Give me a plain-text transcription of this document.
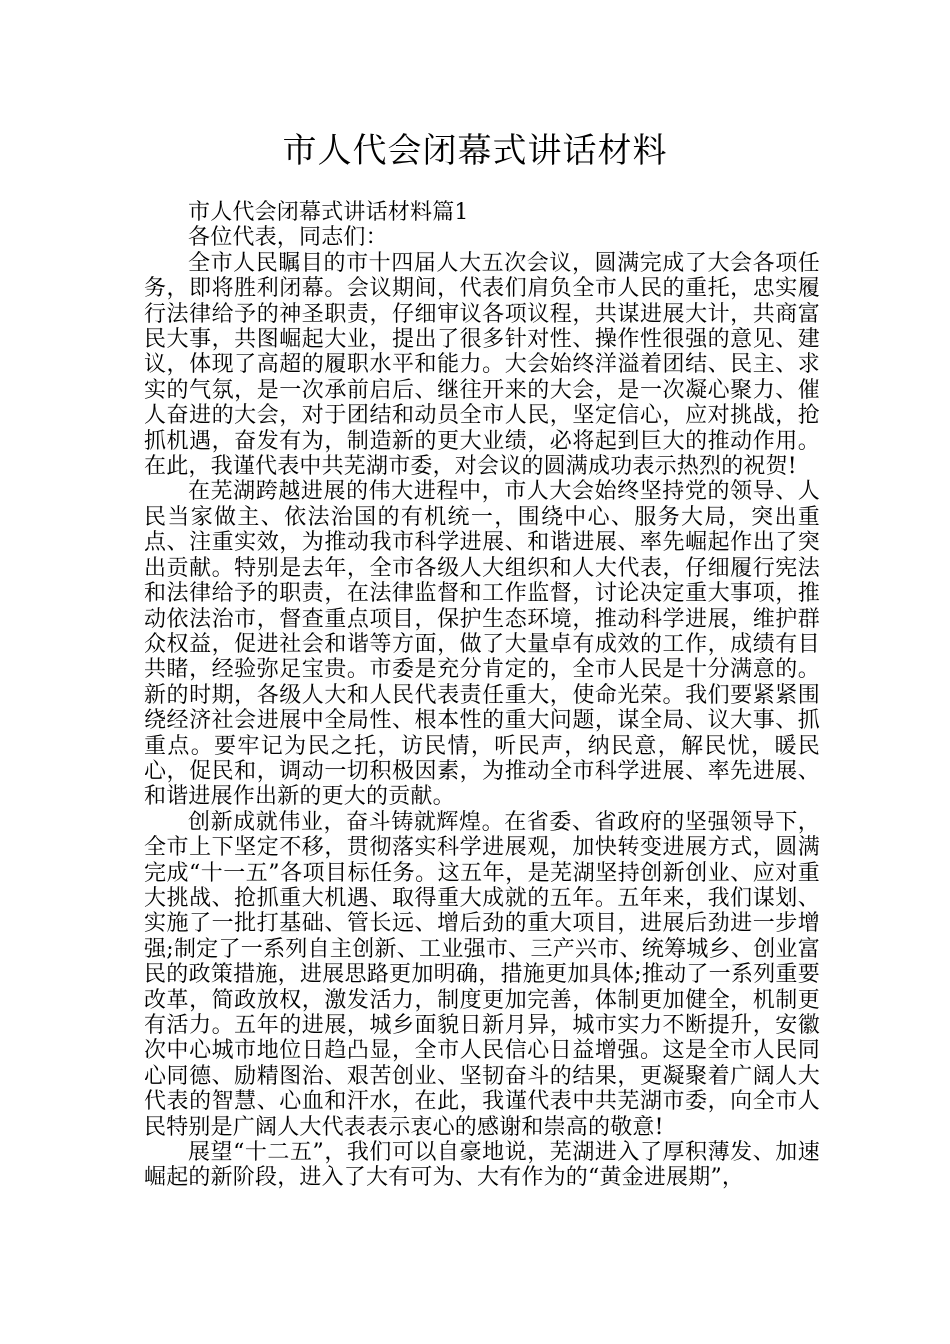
市人代会闭幕式讲话材料

市人代会闭幕式讲话材料篇1

各位代表，同志们：

全市人民瞩目的市十四届人大五次会议，圆满完成了大会各项任务，即将胜利闭幕。会议期间，代表们肩负全市人民的重托，忠实履行法律给予的神圣职责，仔细审议各项议程，共谋进展大计，共商富民大事，共图崛起大业，提出了很多针对性、操作性很强的意见、建议，体现了高超的履职水平和能力。大会始终洋溢着团结、民主、求实的气氛，是一次承前启后、继往开来的大会，是一次凝心聚力、催人奋进的大会，对于团结和动员全市人民，坚定信心，应对挑战，抢抓机遇，奋发有为，制造新的更大业绩，必将起到巨大的推动作用。在此，我谨代表中共芜湖市委，对会议的圆满成功表示热烈的祝贺!

在芜湖跨越进展的伟大进程中，市人大会始终坚持党的领导、人民当家做主、依法治国的有机统一，围绕中心、服务大局，突出重点、注重实效，为推动我市科学进展、和谐进展、率先崛起作出了突出贡献。特别是去年，全市各级人大组织和人大代表，仔细履行宪法和法律给予的职责，在法律监督和工作监督，讨论决定重大事项，推动依法治市，督查重点项目，保护生态环境，推动科学进展，维护群众权益，促进社会和谐等方面，做了大量卓有成效的工作，成绩有目共睹，经验弥足宝贵。市委是充分肯定的，全市人民是十分满意的。新的时期，各级人大和人民代表责任重大，使命光荣。我们要紧紧围绕经济社会进展中全局性、根本性的重大问题，谋全局、议大事、抓重点。要牢记为民之托，访民情，听民声，纳民意，解民忧，暖民心，促民和，调动一切积极因素，为推动全市科学进展、率先进展、和谐进展作出新的更大的贡献。

创新成就伟业，奋斗铸就辉煌。在省委、省政府的坚强领导下，全市上下坚定不移，贯彻落实科学进展观，加快转变进展方式，圆满完成“十一五”各项目标任务。这五年，是芜湖坚持创新创业、应对重大挑战、抢抓重大机遇、取得重大成就的五年。五年来，我们谋划、实施了一批打基础、管长远、增后劲的重大项目，进展后劲进一步增强;制定了一系列自主创新、工业强市、三产兴市、统筹城乡、创业富民的政策措施，进展思路更加明确，措施更加具体;推动了一系列重要改革，简政放权，激发活力，制度更加完善，体制更加健全，机制更有活力。五年的进展，城乡面貌日新月异，城市实力不断提升，安徽次中心城市地位日趋凸显，全市人民信心日益增强。这是全市人民同心同德、励精图治、艰苦创业、坚韧奋斗的结果，更凝聚着广阔人大代表的智慧、心血和汗水，在此，我谨代表中共芜湖市委，向全市人民特别是广阔人大代表表示衷心的感谢和崇高的敬意!

展望“十二五”，我们可以自豪地说，芜湖进入了厚积薄发、加速崛起的新阶段，进入了大有可为、大有作为的“黄金进展期”，
